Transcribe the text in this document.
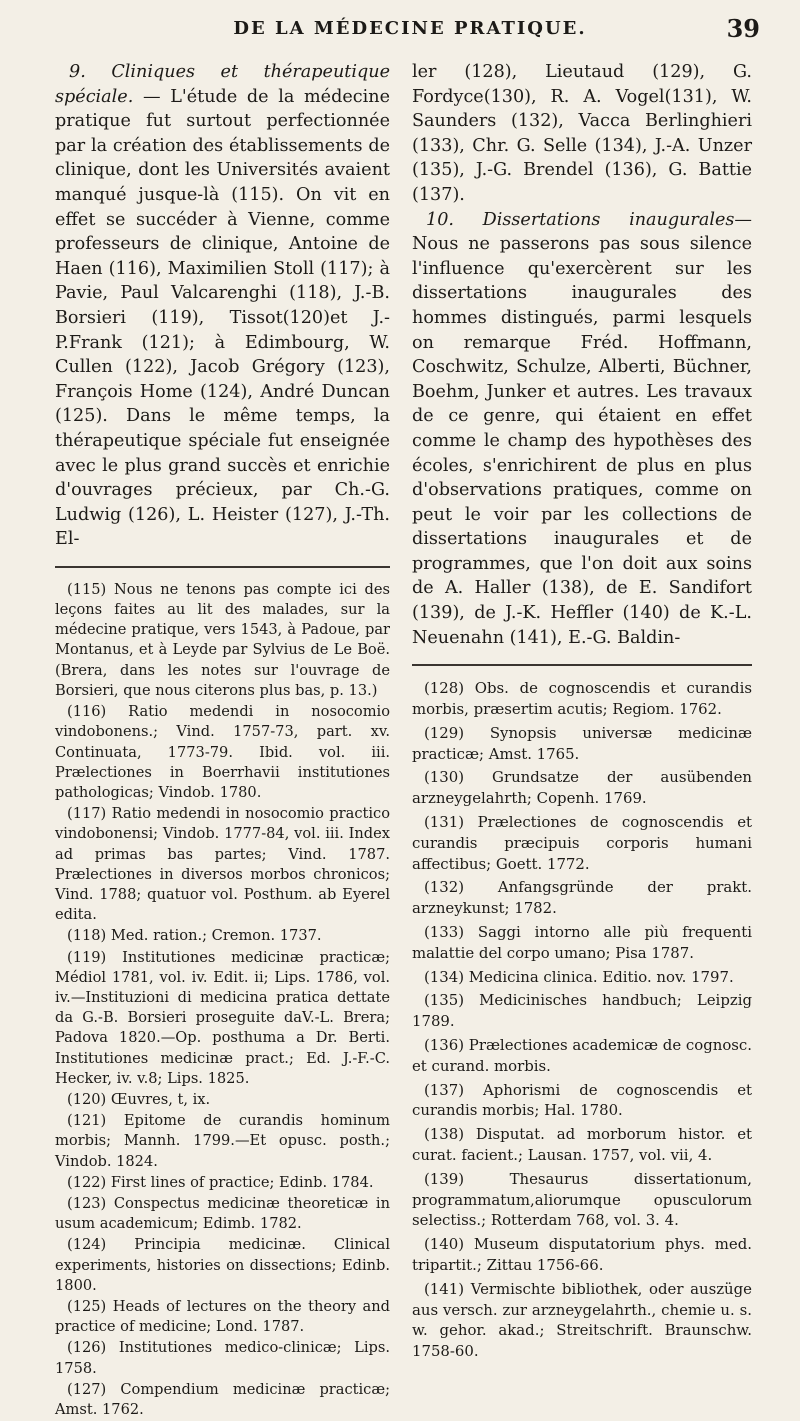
DE LA MÉDECINE PRATIQUE.	39

9. Cliniques et thérapeutique spéciale. — L'étude de la médecine pratique fut surtout perfectionnée par la création des établissements de clinique, dont les Universités avaient manqué jusque-là (115). On vit en effet se succéder à Vienne, comme professeurs de clinique, Antoine de Haen (116), Maximilien Stoll (117); à Pavie, Paul Valcarenghi (118), J.-B. Borsieri (119), Tissot(120)et J.-P.Frank (121); à Edimbourg, W. Cullen (122), Jacob Grégory (123), François Home (124), André Duncan (125). Dans le même temps, la thérapeutique spéciale fut enseignée avec le plus grand succès et enrichie d'ouvrages précieux, par Ch.-G. Ludwig (126), L. Heister (127), J.-Th. El-

(115) Nous ne tenons pas compte ici des leçons faites au lit des malades, sur la médecine pratique, vers 1543, à Padoue, par Montanus, et à Leyde par Sylvius de Le Boë. (Brera, dans les notes sur l'ouvrage de Borsieri, que nous citerons plus bas, p. 13.)

(116) Ratio medendi in nosocomio vindobonens.; Vind. 1757-73, part. xv. Continuata, 1773-79. Ibid. vol. iii. Prælectiones in Boerrhavii institutiones pathologicas; Vindob. 1780.

(117) Ratio medendi in nosocomio practico vindobonensi; Vindob. 1777-84, vol. iii. Index ad primas bas partes; Vind. 1787. Prælectiones in diversos morbos chronicos; Vind. 1788; quatuor vol. Posthum. ab Eyerel edita.

(118) Med. ration.; Cremon. 1737.

(119) Institutiones medicinæ practicæ; Médiol 1781, vol. iv. Edit. ii; Lips. 1786, vol. iv.—Instituzioni di medicina pratica dettate da G.-B. Borsieri proseguite daV.-L. Brera; Padova 1820.—Op. posthuma a Dr. Berti. Institutiones medicinæ pract.; Ed. J.-F.-C. Hecker, iv. v.8; Lips. 1825.

(120) Œuvres, t, ix.

(121) Epitome de curandis hominum morbis; Mannh. 1799.—Et opusc. posth.; Vindob. 1824.

(122) First lines of practice; Edinb. 1784.

(123) Conspectus medicinæ theoreticæ in usum academicum; Edimb. 1782.

(124) Principia medicinæ. Clinical experiments, histories on dissections; Edinb. 1800.

(125) Heads of lectures on the theory and practice of medicine; Lond. 1787.

(126) Institutiones medico-clinicæ; Lips. 1758.

(127) Compendium medicinæ practicæ; Amst. 1762.

ler (128), Lieutaud (129), G. Fordyce(130), R. A. Vogel(131), W. Saunders (132), Vacca Berlinghieri (133), Chr. G. Selle (134), J.-A. Unzer (135), J.-G. Brendel (136), G. Battie (137).

10. Dissertations inaugurales—Nous ne passerons pas sous silence l'influence qu'exercèrent sur les dissertations inaugurales des hommes distingués, parmi lesquels on remarque Fréd. Hoffmann, Coschwitz, Schulze, Alberti, Büchner, Boehm, Junker et autres. Les travaux de ce genre, qui étaient en effet comme le champ des hypothèses des écoles, s'enrichirent de plus en plus d'observations pratiques, comme on peut le voir par les collections de dissertations inaugurales et de programmes, que l'on doit aux soins de A. Haller (138), de E. Sandifort (139), de J.-K. Heffler (140) de K.-L. Neuenahn (141), E.-G. Baldin-

(128) Obs. de cognoscendis et curandis morbis, præsertim acutis; Regiom. 1762.

(129) Synopsis universæ medicinæ practicæ; Amst. 1765.

(130) Grundsatze der ausübenden arzneygelahrth; Copenh. 1769.

(131) Prælectiones de cognoscendis et curandis præcipuis corporis humani affectibus; Goett. 1772.

(132) Anfangsgründe der prakt. arzneykunst; 1782.

(133) Saggi intorno alle più frequenti malattie del corpo umano; Pisa 1787.

(134) Medicina clinica. Editio. nov. 1797.

(135) Medicinisches handbuch; Leipzig 1789.

(136) Prælectiones academicæ de cognosc. et curand. morbis.

(137) Aphorismi de cognoscendis et curandis morbis; Hal. 1780.

(138) Disputat. ad morborum histor. et curat. facient.; Lausan. 1757, vol. vii, 4.

(139) Thesaurus dissertationum, programmatum,aliorumque opusculorum selectiss.; Rotterdam 768, vol. 3. 4.

(140) Museum disputatorium phys. med. tripartit.; Zittau 1756-66.

(141) Vermischte bibliothek, oder auszüge aus versch. zur arzneygelahrth., chemie u. s. w. gehor. akad.; Streitschrift. Braunschw. 1758-60.
